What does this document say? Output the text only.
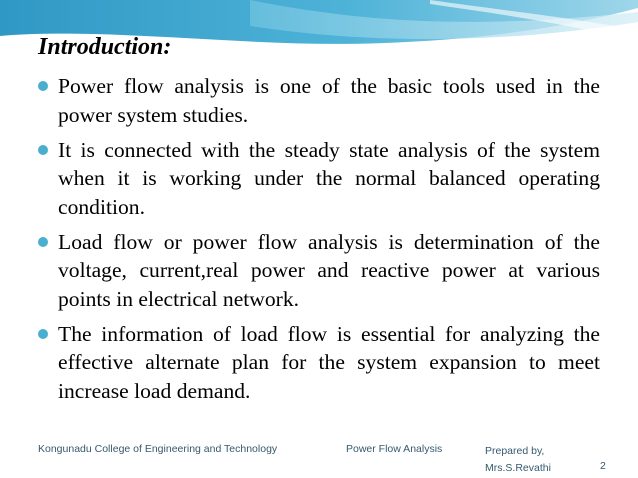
Introduction:
Power flow analysis is one of the basic tools used in the power system studies.
It is connected with the steady state analysis of the system when it is working under the normal balanced operating condition.
Load flow or power flow analysis is determination of the voltage, current,real power and reactive power at various points in electrical network.
The information of load flow is essential for analyzing the effective alternate plan for the system expansion to meet increase load demand.
Kongunadu College of Engineering and Technology	Power Flow Analysis	Prepared by,
Mrs.S.Revathi	2
